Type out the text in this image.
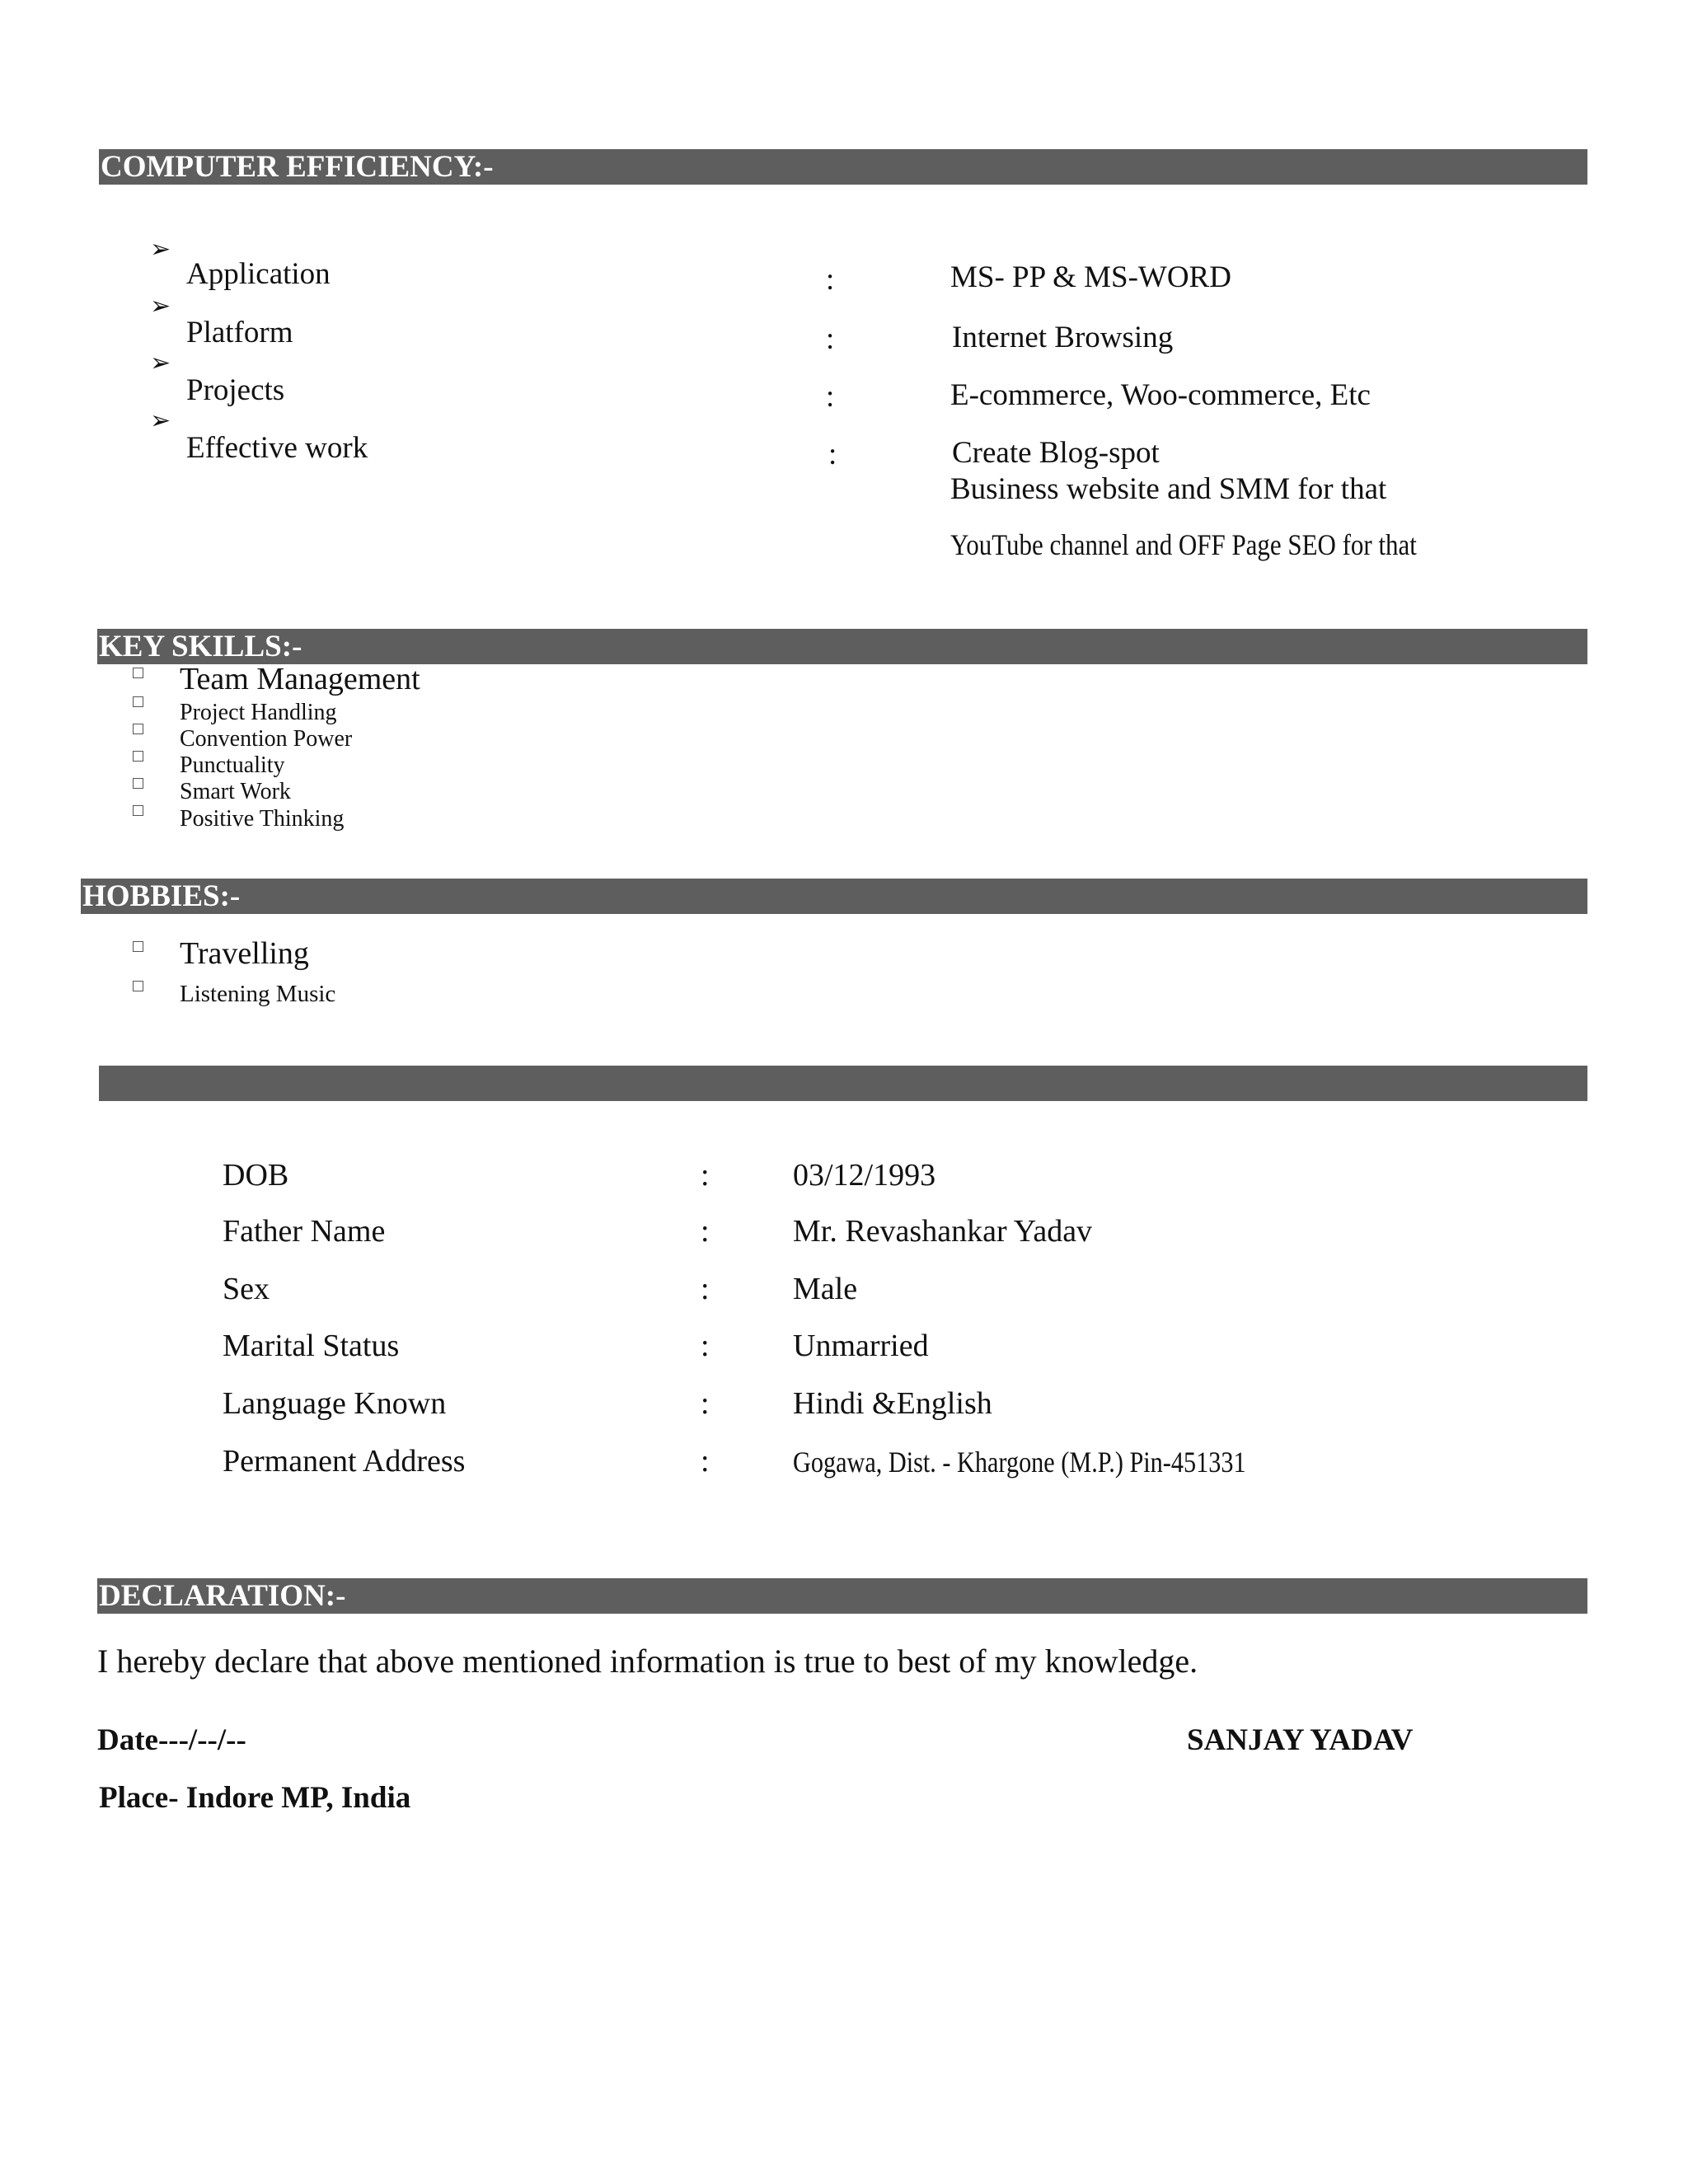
COMPUTER EFFICIENCY:-
➢
Application	:	MS- PP & MS-WORD
➢
Platform	:	Internet Browsing
➢
Projects	:	E-commerce, Woo-commerce, Etc
➢
Effective work	:	Create Blog-spot
Business website and SMM for that
YouTube channel and OFF Page SEO for that
KEY SKILLS:-
Team Management
Project Handling
Convention Power
Punctuality
Smart Work
Positive Thinking
HOBBIES:-
Travelling
Listening Music
DOB	:	03/12/1993
Father Name	:	Mr. Revashankar Yadav
Sex	:	Male
Marital Status	:	Unmarried
Language Known	:	Hindi &English
Permanent Address	:	Gogawa, Dist. - Khargone (M.P.) Pin-451331
DECLARATION:-
I hereby declare that above mentioned information is true to best of my knowledge.
Date---/--/--	SANJAY YADAV
Place- Indore MP, India
